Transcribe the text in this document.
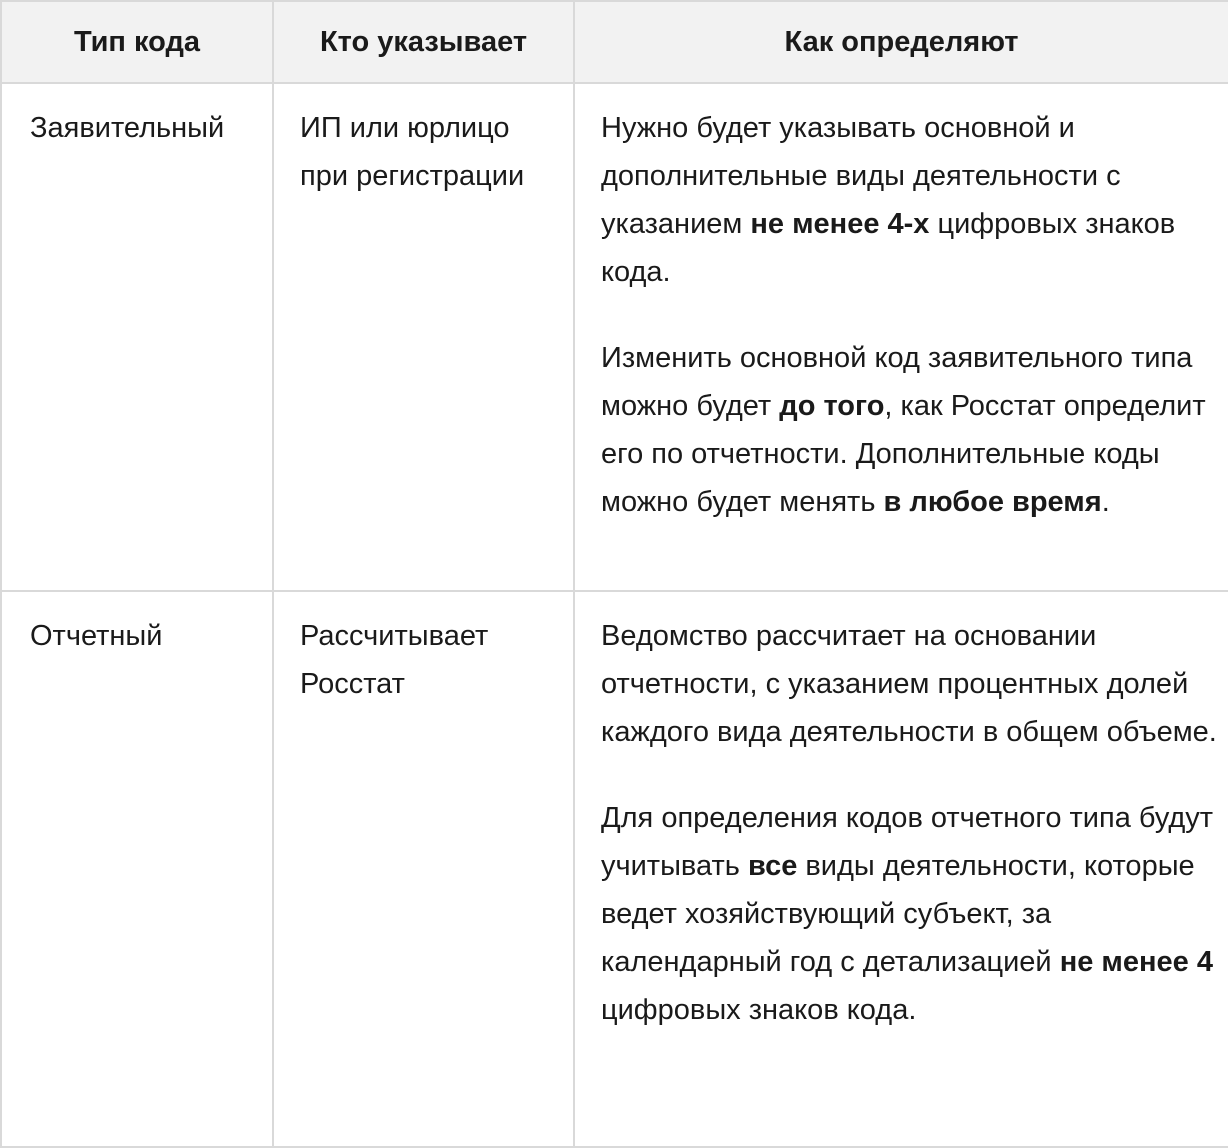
Тип кода	Кто указывает	Как определяют
Заявительный	ИП или юрлицо при регистрации	Нужно будет указывать основной и дополнительные виды деятельности с указанием не менее 4-х цифровых знаков кода.

Изменить основной код заявительного типа можно будет до того, как Росстат определит его по отчетности. Дополнительные коды можно будет менять в любое время.

Отчетный	Рассчитывает Росстат	Ведомство рассчитает на основании отчетности, с указанием процентных долей каждого вида деятельности в общем объеме.

Для определения кодов отчетного типа будут учитывать все виды деятельности, которые ведет хозяйствующий субъект, за календарный год с детализацией не менее 4 цифровых знаков кода.
